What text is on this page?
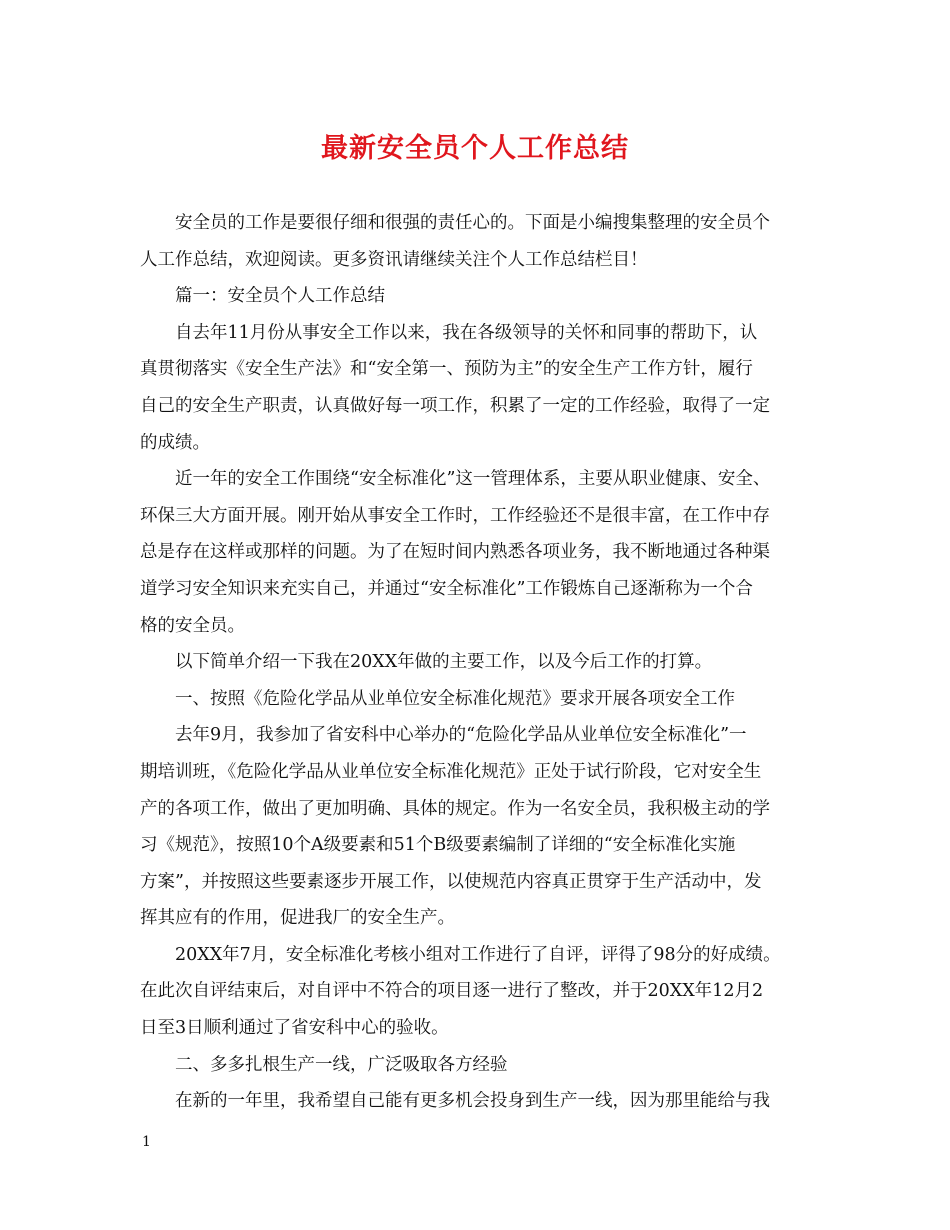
最新安全员个人工作总结
　　安全员的工作是要很仔细和很强的责任心的。下面是小编搜集整理的安全员个
人工作总结，欢迎阅读。更多资讯请继续关注个人工作总结栏目！
　　篇一：安全员个人工作总结
　　自去年11月份从事安全工作以来，我在各级领导的关怀和同事的帮助下，认
真贯彻落实《安全生产法》和“安全第一、预防为主”的安全生产工作方针，履行
自己的安全生产职责，认真做好每一项工作，积累了一定的工作经验，取得了一定
的成绩。
　　近一年的安全工作围绕“安全标准化”这一管理体系，主要从职业健康、安全、
环保三大方面开展。刚开始从事安全工作时，工作经验还不是很丰富，在工作中存
总是存在这样或那样的问题。为了在短时间内熟悉各项业务，我不断地通过各种渠
道学习安全知识来充实自己，并通过“安全标准化”工作锻炼自己逐渐称为一个合
格的安全员。
　　以下简单介绍一下我在20XX年做的主要工作，以及今后工作的打算。
　　一、按照《危险化学品从业单位安全标准化规范》要求开展各项安全工作
　　去年9月，我参加了省安科中心举办的“危险化学品从业单位安全标准化”一
期培训班，《危险化学品从业单位安全标准化规范》正处于试行阶段，它对安全生
产的各项工作，做出了更加明确、具体的规定。作为一名安全员，我积极主动的学
习《规范》，按照10个A级要素和51个B级要素编制了详细的“安全标准化实施
方案”，并按照这些要素逐步开展工作，以使规范内容真正贯穿于生产活动中，发
挥其应有的作用，促进我厂的安全生产。
　　20XX年7月，安全标准化考核小组对工作进行了自评，评得了98分的好成绩。
在此次自评结束后，对自评中不符合的项目逐一进行了整改，并于20XX年12月2
日至3日顺利通过了省安科中心的验收。
　　二、多多扎根生产一线，广泛吸取各方经验
　　在新的一年里，我希望自己能有更多机会投身到生产一线，因为那里能给与我
1
